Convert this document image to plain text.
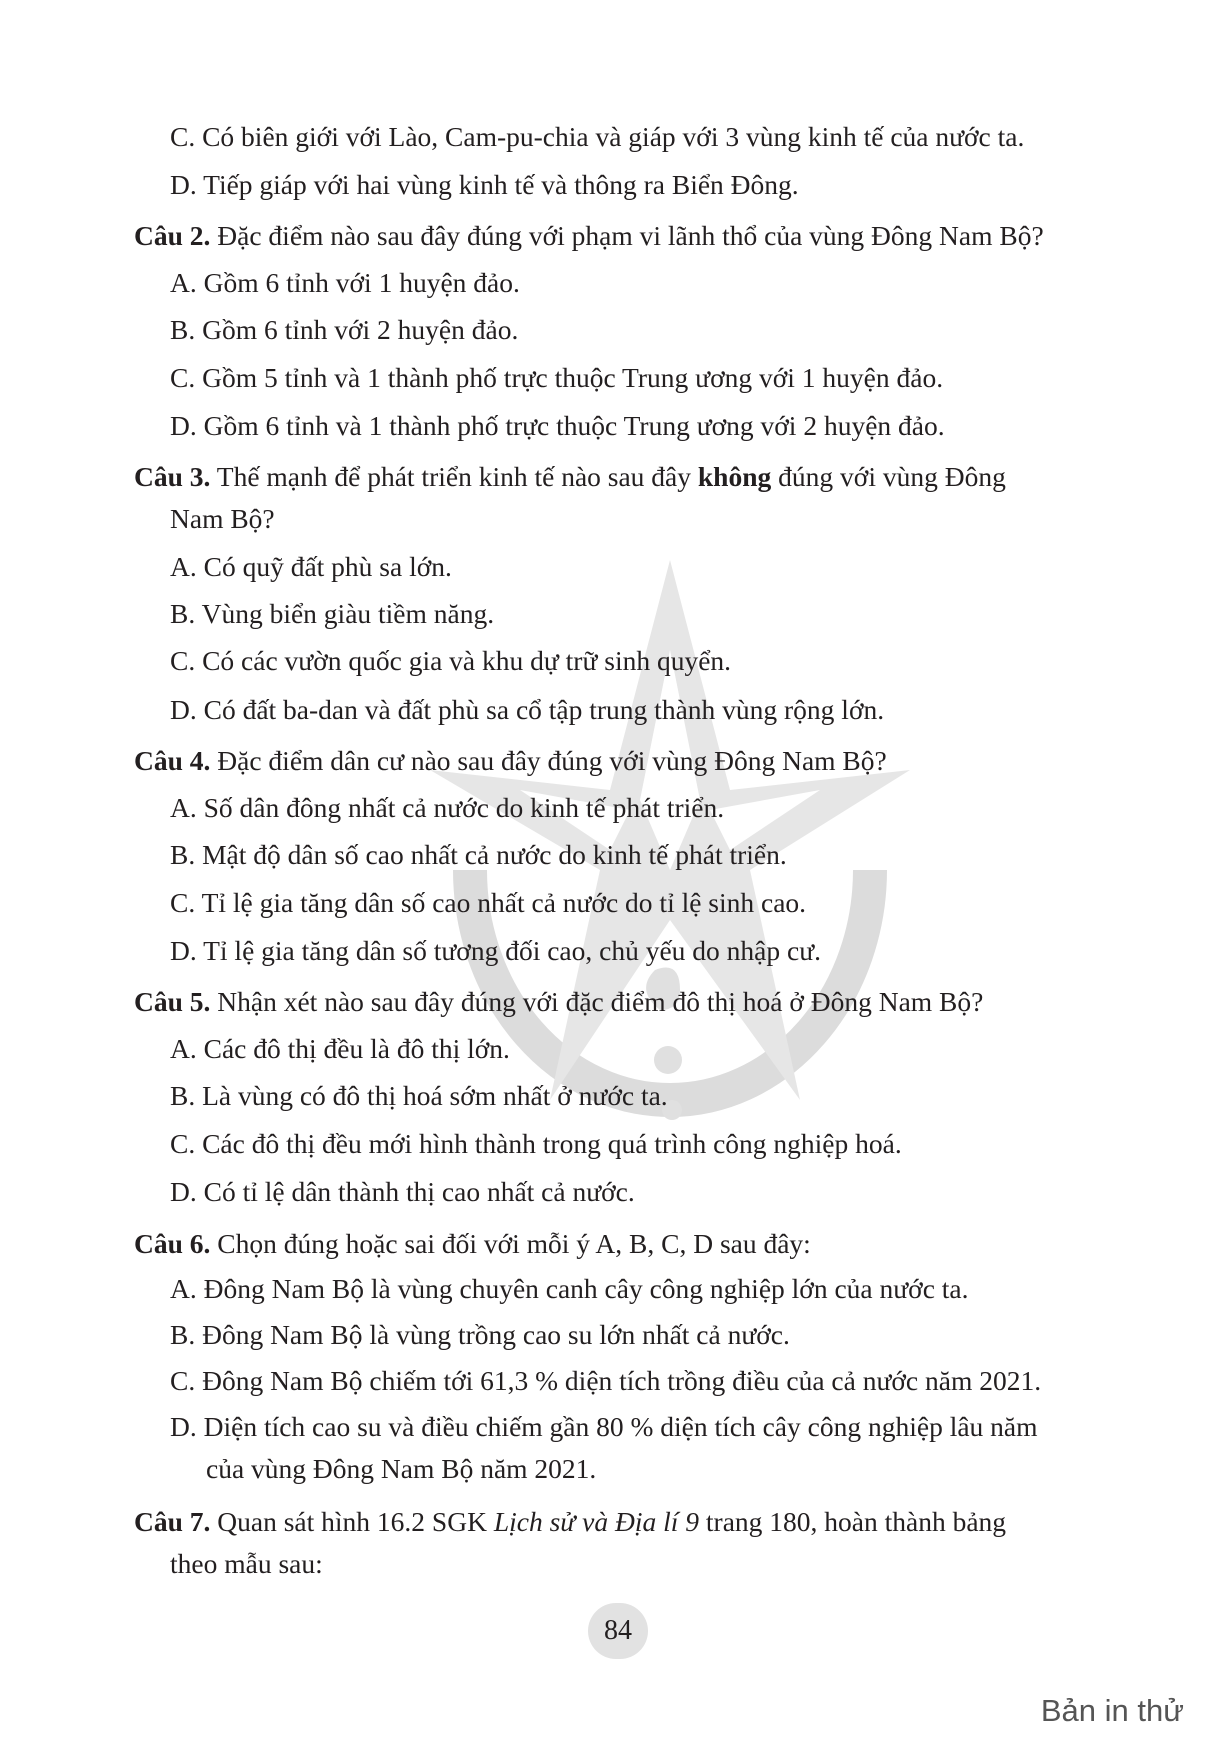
C. Có biên giới với Lào, Cam-pu-chia và giáp với 3 vùng kinh tế của nước ta.
D. Tiếp giáp với hai vùng kinh tế và thông ra Biển Đông.
Câu 2. Đặc điểm nào sau đây đúng với phạm vi lãnh thổ của vùng Đông Nam Bộ?
A. Gồm 6 tỉnh với 1 huyện đảo.
B. Gồm 6 tỉnh với 2 huyện đảo.
C. Gồm 5 tỉnh và 1 thành phố trực thuộc Trung ương với 1 huyện đảo.
D. Gồm 6 tỉnh và 1 thành phố trực thuộc Trung ương với 2 huyện đảo.
Câu 3. Thế mạnh để phát triển kinh tế nào sau đây không đúng với vùng Đông
Nam Bộ?
A. Có quỹ đất phù sa lớn.
B. Vùng biển giàu tiềm năng.
C. Có các vườn quốc gia và khu dự trữ sinh quyển.
D. Có đất ba-dan và đất phù sa cổ tập trung thành vùng rộng lớn.
Câu 4. Đặc điểm dân cư nào sau đây đúng với vùng Đông Nam Bộ?
A. Số dân đông nhất cả nước do kinh tế phát triển.
B. Mật độ dân số cao nhất cả nước do kinh tế phát triển.
C. Tỉ lệ gia tăng dân số cao nhất cả nước do tỉ lệ sinh cao.
D. Tỉ lệ gia tăng dân số tương đối cao, chủ yếu do nhập cư.
Câu 5. Nhận xét nào sau đây đúng với đặc điểm đô thị hoá ở Đông Nam Bộ?
A. Các đô thị đều là đô thị lớn.
B. Là vùng có đô thị hoá sớm nhất ở nước ta.
C. Các đô thị đều mới hình thành trong quá trình công nghiệp hoá.
D. Có tỉ lệ dân thành thị cao nhất cả nước.
Câu 6. Chọn đúng hoặc sai đối với mỗi ý A, B, C, D sau đây:
A. Đông Nam Bộ là vùng chuyên canh cây công nghiệp lớn của nước ta.
B. Đông Nam Bộ là vùng trồng cao su lớn nhất cả nước.
C. Đông Nam Bộ chiếm tới 61,3 % diện tích trồng điều của cả nước năm 2021.
D. Diện tích cao su và điều chiếm gần 80 % diện tích cây công nghiệp lâu năm
của vùng Đông Nam Bộ năm 2021.
Câu 7. Quan sát hình 16.2 SGK Lịch sử và Địa lí 9 trang 180, hoàn thành bảng
theo mẫu sau:
84
Bản in thử
